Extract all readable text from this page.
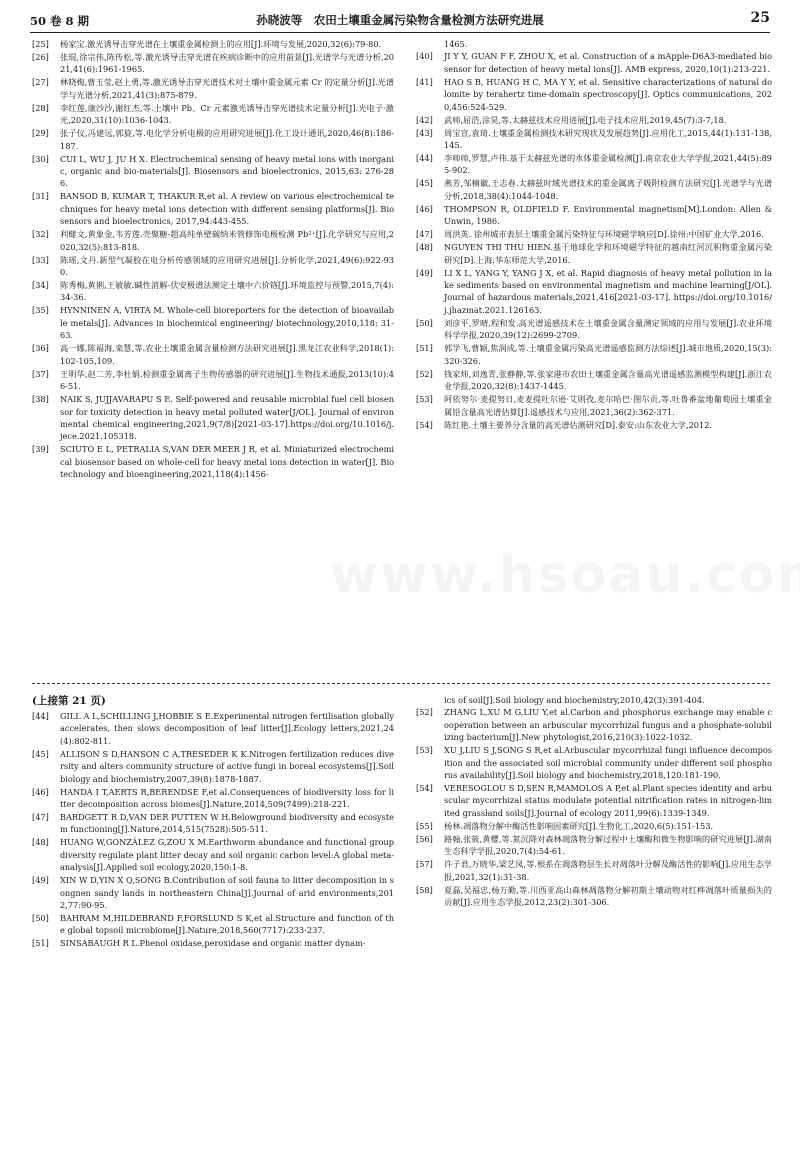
50 卷 8 期	孙晓波等　农田土壤重金属污染物含量检测方法研究进展	25
[25] 杨家宝.激光诱导击穿光谱在土壤重金属检测上的应用[J].环境与发展,2020,32(6):79-80.
[26] 张琨,徐宗伟,陈传松,等.激光诱导击穿光谱在疾病诊断中的应用前景[J].光谱学与光谱分析,2021,41(6):1961-1965.
[27] 林晓梅,曹玉莹,赵上勇,等.激光诱导击穿光谱技术对土壤中重金属元素 Cr 的定量分析[J].光谱学与光谱分析,2021,41(3):875-879.
[28] 李红莲,康沙沙,谢红杰,等.土壤中 Pb、Cr 元素激光诱导击穿光谱技术定量分析[J].光电子·激光,2020,31(10):1036-1043.
[29] 张子仪,冯建远,郭旋,等.电化学分析电极的应用研究进展[J].化工设计通讯,2020,46(8):186-187.
[30] CUI L, WU J, JU H X. Electrochemical sensing of heavy metal ions with inorganic, organic and bio-materials[J]. Biosensors and bioelectronics, 2015,63: 276-286.
[31] BANSOD B, KUMAR T, THAKUR R,et al. A review on various electrochemical techniques for heavy metal ions detection with different sensing platforms[J]. Biosensors and bioelectronics, 2017,94:443-455.
[32] 利健文,黄象金,韦芳莲.壳聚糖-超高纯单壁碳纳米管修饰电极检测 Pb²⁺[J].化学研究与应用,2020,32(5):813-818.
[33] 陈瑶,文丹.新型气凝胶在电分析传感领域的应用研究进展[J].分析化学,2021,49(6):922-930.
[34] 陈秀梅,黄俐,王敏敏.碱性消解-伏安极谱法测定土壤中六价铬[J].环境监控与预警,2015,7(4):34-36.
[35] HYNNINEN A, VIRTA M. Whole-cell bioreporters for the detection of bioavailable metals[J]. Advances in biochemical engineering/ biotechnology,2010,118: 31-63.
[36] 高一娜,陈福海,栾慧,等.农业土壤重金属含量检测方法研究进展[J].黑龙江农业科学,2018(1):102-105,109.
[37] 王明华,赵二芳,李杜娟.检测重金属离子生物传感器的研究进展[J].生物技术通报,2013(10):46-51.
[38] NAIK S, JUJJAVARAPU S E. Self-powered and reusable microbial fuel cell biosensor for toxicity detection in heavy metal polluted water[J/OL]. Journal of environmental chemical engineering,2021,9(7/8)[2021-03-17].https://doi.org/10.1016/j.jece.2021.105318.
[39] SCIUTO E L, PETRALIA S,VAN DER MEER J R, et al. Miniaturized electrochemical biosensor based on whole-cell for heavy metal ions detection in water[J]. Biotechnology and bioengineering,2021,118(4):1456-
1465.
[40] JI Y Y, GUAN F F, ZHOU X, et al. Construction of a mApple-D6A3-mediated biosensor for detection of heavy metal ions[J]. AMB express, 2020,10(1):213-221.
[41] HAO S B, HUANG H C, MA Y Y, et al. Sensitive characterizations of natural dolomite by terahertz time-domain spectroscopy[J]. Optics communications, 2020,456:524-529.
[42] 武帅,屈浩,涂昊,等.太赫兹技术应用进展[J].电子技术应用,2019,45(7):3-7,18.
[43] 周宝宣,袁琦.土壤重金属检测技术研究现状及发展趋势[J].应用化工,2015,44(1):131-138,145.
[44] 李帅帅,罗慧,卢伟.基于太赫兹光谱的水体重金属检测[J].南京农业大学学报,2021,44(5):895-902.
[45] 燕芳,邹楠徽,王志春.太赫兹时域光谱技术的重金属离子吸附检测方法研究[J].光谱学与光谱分析,2018,38(4):1044-1048.
[46] THOMPSON R, OLDFIELD F. Environmental magnetism[M].London: Allen & Unwin, 1986.
[47] 周洪英. 徐州城市表层土壤重金属污染特征与环境磁学响应[D].徐州:中国矿业大学,2016.
[48] NGUYEN THI THU HIEN.基于地球化学和环境磁学特征的越南红河沉积物重金属污染研究[D].上海:华东师范大学,2016.
[49] LI X L, YANG Y, YANG J X, et al. Rapid diagnosis of heavy metal pollution in lake sediments based on environmental magnetism and machine learning[J/OL]. Journal of hazardous materials,2021,416[2021-03-17]. https://doi.org/10.1016/j.jhazmat.2021.126163.
[50] 刘彦平,罗晴,程和发.高光谱遥感技术在土壤重金属含量测定领域的应用与发展[J].农业环境科学学报,2020,39(12):2699-2709.
[51] 郭学飞,曹颖,焦润成,等.土壤重金属污染高光谱遥感监测方法综述[J].城市地质,2020,15(3):320-326.
[52] 钱家炜,刘逸青,张静静,等.张家港市农田土壤重金属含量高光谱遥感监测模型构建[J].浙江农业学报,2020,32(8):1437-1445.
[53] 阿依努尔·麦提努日,麦麦提吐尔逊·艾则孜,麦尔哈巴·图尔贡,等.吐鲁番盆地葡萄园土壤重金属铅含量高光谱估算[J].遥感技术与应用,2021,36(2):362-371.
[54] 陈红艳.土壤主要养分含量的高光谱估测研究[D].泰安:山东农业大学,2012.
(上接第 21 页)
[44] GILL A L,SCHILLING J,HOBBIE S E.Experimental nitrogen fertilisation globally accelerates, then slows decomposition of leaf litter[J].Ecology letters,2021,24(4):802-811.
[45] ALLISON S D,HANSON C A,TRESEDER K K.Nitrogen fertilization reduces diversity and alters community structure of active fungi in boreal ecosystems[J].Soil biology and biochemistry,2007,39(8):1878-1887.
[46] HANDA I T,AERTS R,BERENDSE F,et al.Consequences of biodiversity loss for litter decomposition across biomes[J].Nature,2014,509(7499):218-221.
[47] BARDGETT R D,VAN DER PUTTEN W H.Belowground biodiversity and ecosystem functioning[J].Nature,2014,515(7528):505-511.
[48] HUANG W,GONZÁLEZ G,ZOU X M.Earthworm abundance and functional group diversity regulate plant litter decay and soil organic carbon level:A global meta-analysis[J].Applied soil ecology,2020,150:1-8.
[49] XIN W D,YIN X Q,SONG B.Contribution of soil fauna to litter decomposition in songnen sandy lands in northeastern China[J].Journal of arid environments,2012,77:90-95.
[50] BAHRAM M,HILDEBRAND F,FORSLUND S K,et al.Structure and function of the global topsoil microbiome[J].Nature,2018,560(7717):233-237.
[51] SINSABAUGH R L.Phenol oxidase,peroxidase and organic matter dynam-
ics of soil[J].Soil biology and biochemistry,2010,42(3):391-404.
[52] ZHANG L,XU M G,LIU Y,et al.Carbon and phosphorus exchange may enable cooperation between an arbuscular mycorrhizal fungus and a phosphate-solubilizing bacterium[J].New phytologist,2016,210(3):1022-1032.
[53] XU J,LIU S J,SONG S R,et al.Arbuscular mycorrhizal fungi influence decomposition and the associated soil microbial community under different soil phosphorus availability[J].Soil biology and biochemistry,2018,120:181-190.
[54] VERESOGLOU S D,SEN R,MAMOLOS A P,et al.Plant species identity and arbuscular mycorrhizal status modulate potential nitrification rates in nitrogen-limited grassland soils[J].Journal of ecology 2011,99(6):1339-1349.
[55] 杨林.凋落物分解中酶活性影响因素研究[J].生物化工,2020,6(5):151-153.
[56] 路翰,张筱,黄樱,等.氮沉降对森林凋落物分解过程中土壤酶和微生物影响的研究进展[J].湖南生态科学学报,2020,7(4):54-61.
[57] 许子君,万晓华,梁艺凤,等.根系在凋落物层生长对凋落叶分解及酶活性的影响[J].应用生态学报,2021,32(1):31-38.
[58] 夏磊,吴福忠,杨万勤,等.川西亚高山森林凋落物分解初期土壤动物对红桦凋落叶质量损失的贡献[J].应用生态学报,2012,23(2):301-306.
